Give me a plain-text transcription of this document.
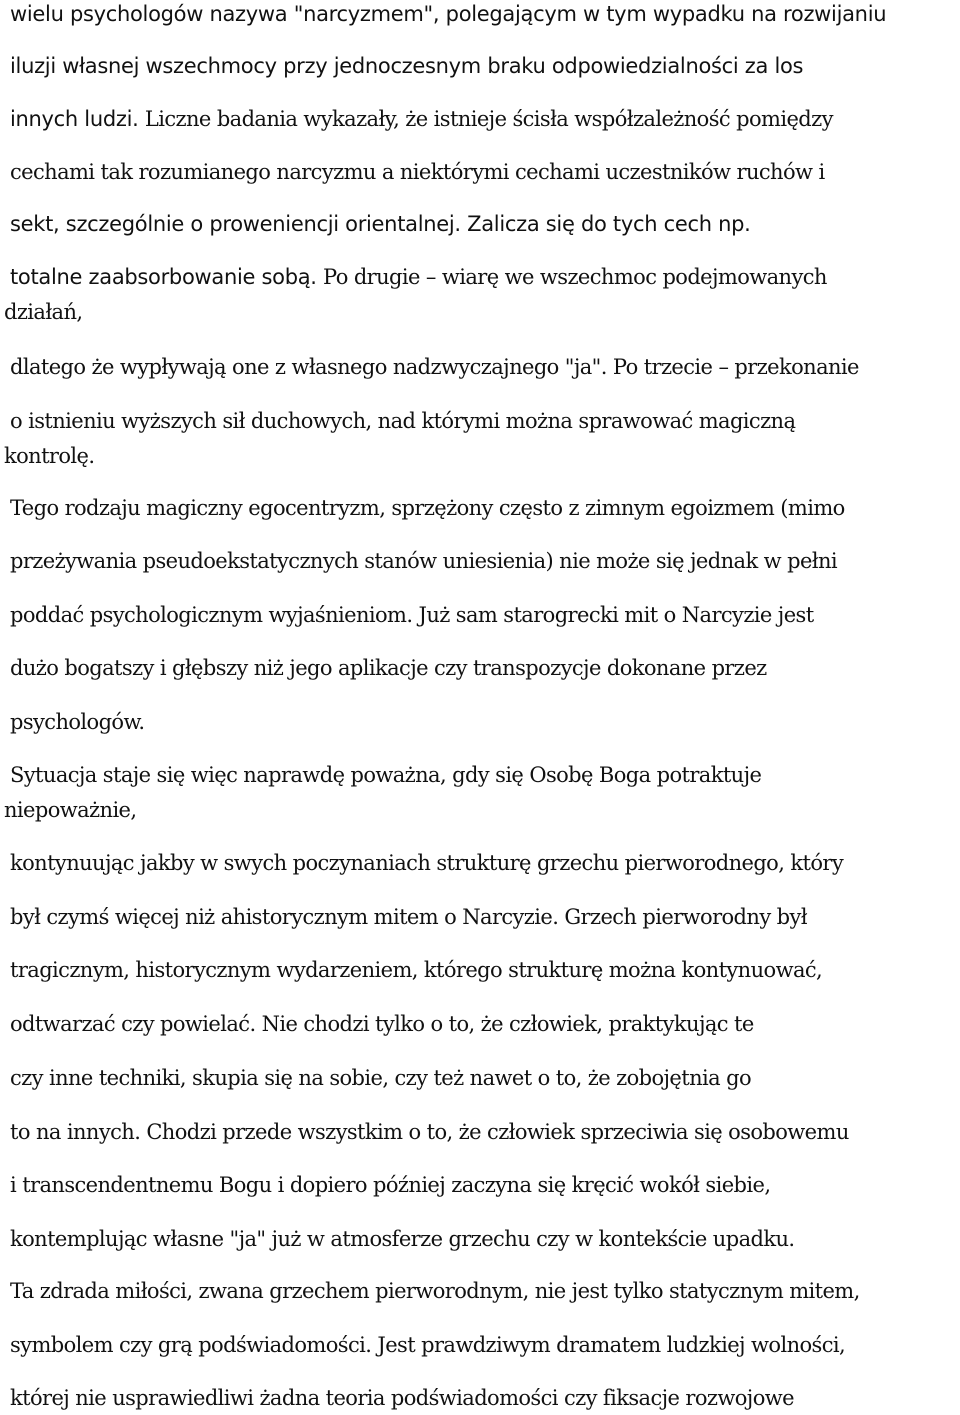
wielu psychologów nazywa "narcyzmem", polegającym w tym wypadku na rozwijaniu
iluzji własnej wszechmocy przy jednoczesnym braku odpowiedzialności za los
innych ludzi. Liczne badania wykazały, że istnieje ścisła współzależność pomiędzy
cechami tak rozumianego narcyzmu a niektórymi cechami uczestników ruchów i
sekt, szczególnie o proweniencji orientalnej. Zalicza się do tych cech np.
totalne zaabsorbowanie sobą. Po drugie – wiarę we wszechmoc podejmowanych
działań,
dlatego że wypływają one z własnego nadzwyczajnego "ja". Po trzecie – przekonanie
o istnieniu wyższych sił duchowych, nad którymi można sprawować magiczną
kontrolę.
Tego rodzaju magiczny egocentryzm, sprzężony często z zimnym egoizmem (mimo
przeżywania pseudoekstatycznych stanów uniesienia) nie może się jednak w pełni
poddać psychologicznym wyjaśnieniom. Już sam starogrecki mit o Narcyzie jest
dużo bogatszy i głębszy niż jego aplikacje czy transpozycje dokonane przez
psychologów.
Sytuacja staje się więc naprawdę poważna, gdy się Osobę Boga potraktuje
niepoważnie,
kontynuując jakby w swych poczynaniach strukturę grzechu pierworodnego, który
był czymś więcej niż ahistorycznym mitem o Narcyzie. Grzech pierworodny był
tragicznym, historycznym wydarzeniem, którego strukturę można kontynuować,
odtwarzać czy powielać. Nie chodzi tylko o to, że człowiek, praktykując te
czy inne techniki, skupia się na sobie, czy też nawet o to, że zobojętnia go
to na innych. Chodzi przede wszystkim o to, że człowiek sprzeciwia się osobowemu
i transcendentnemu Bogu i dopiero później zaczyna się kręcić wokół siebie,
kontemplując własne "ja" już w atmosferze grzechu czy w kontekście upadku.
Ta zdrada miłości, zwana grzechem pierworodnym, nie jest tylko statycznym mitem,
symbolem czy grą podświadomości. Jest prawdziwym dramatem ludzkiej wolności,
której nie usprawiedliwi żadna teoria podświadomości czy fiksacje rozwojowe
